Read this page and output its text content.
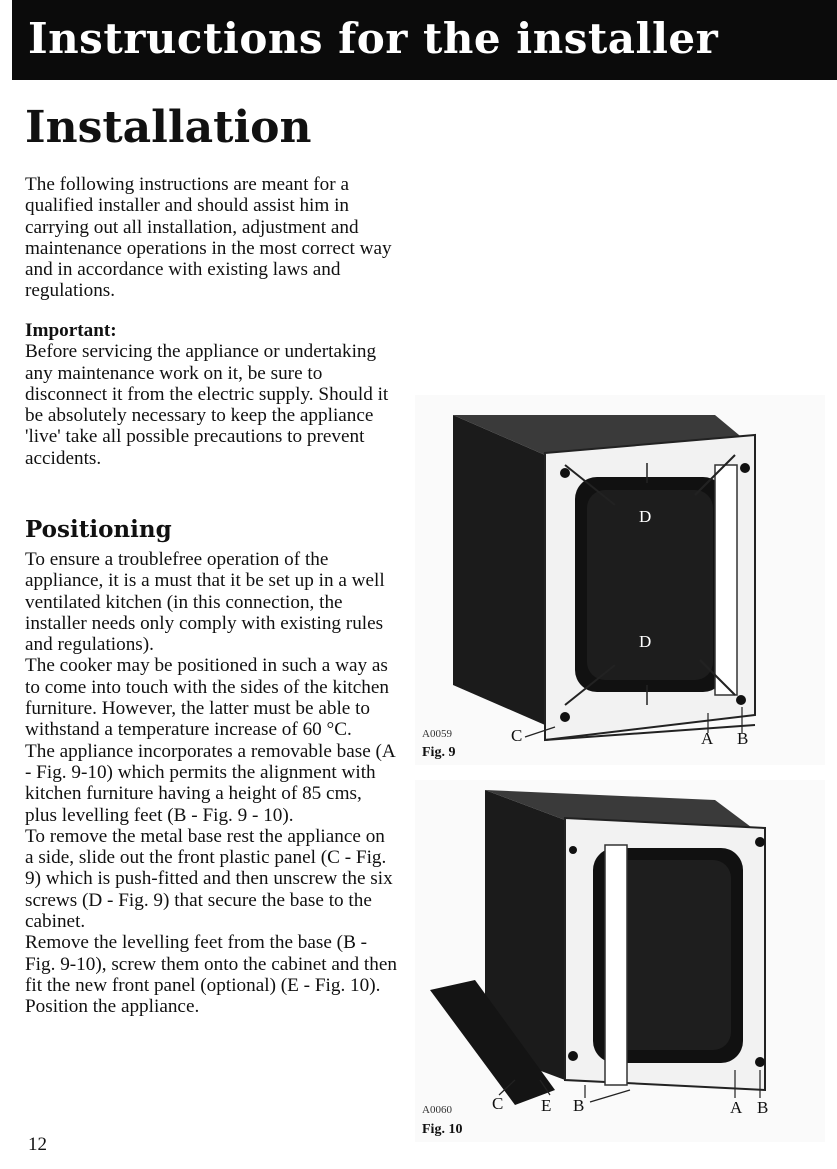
Instructions for the installer
Installation

The following instructions are meant for a qualified installer and should assist him in carrying out all installation, adjustment and maintenance operations in the most correct way and in accordance with existing laws and regulations.

Important:

Before servicing the appliance or undertaking any maintenance work on it, be sure to disconnect it from the electric supply. Should it be absolutely necessary to keep the appliance 'live' take all possible precautions to prevent accidents.

Positioning

To ensure a troublefree operation of the appliance, it is a must that it be set up in a well ventilated kitchen (in this connection, the installer needs only comply with existing rules and regulations).

The cooker may be positioned in such a way as to come into touch with the sides of the kitchen furniture. However, the latter must be able to withstand a temperature increase of 60 °C.

The appliance incorporates a removable base (A - Fig. 9-10) which permits the alignment with kitchen furniture having a height of 85 cms, plus levelling feet (B - Fig. 9 - 10).

To remove the metal base rest the appliance on a side, slide out the front plastic panel (C - Fig. 9) which is push-fitted and then unscrew the six screws (D - Fig. 9) that secure the base to the cabinet.

Remove the levelling feet from the base (B - Fig. 9-10), screw them onto the cabinet and then fit the new front panel (optional) (E - Fig. 10).

Position the appliance.

D
D
C	A B
A0059
Fig. 9
C E B	A B
A0060
Fig. 10
12
